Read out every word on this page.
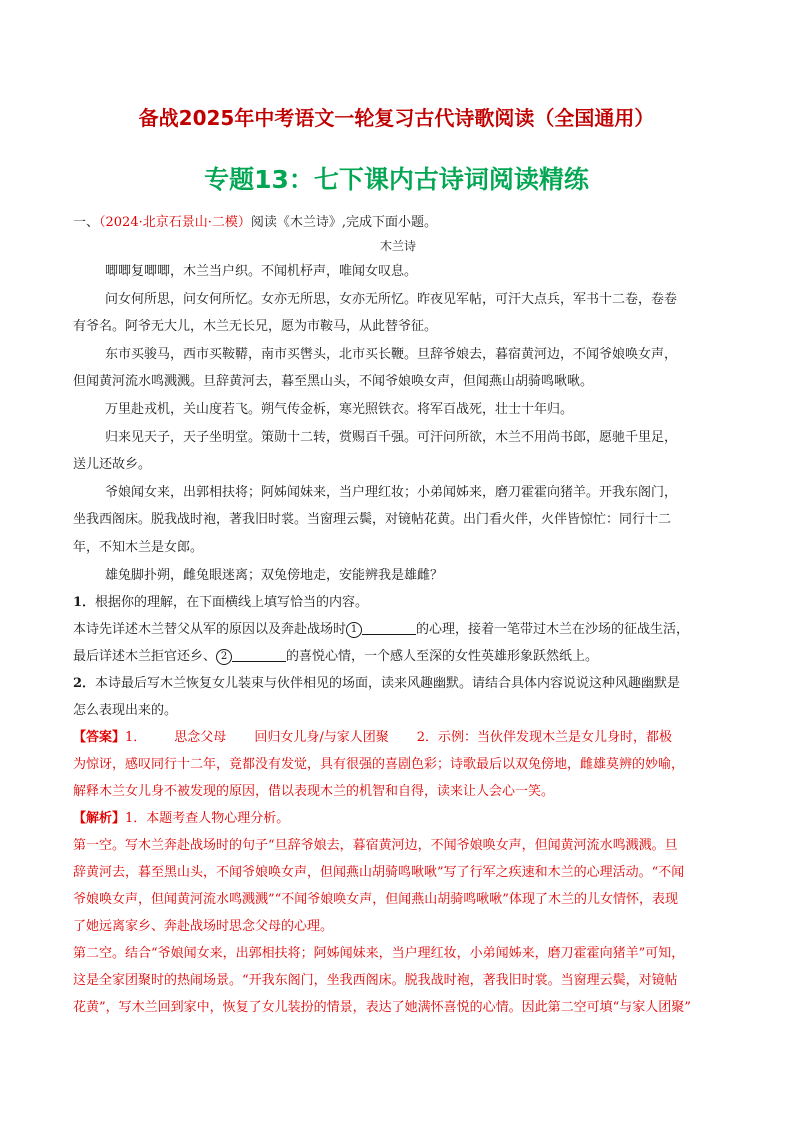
备战2025年中考语文一轮复习古代诗歌阅读（全国通用）
专题13：七下课内古诗词阅读精练

一、（2024·北京石景山·二模）阅读《木兰诗》,完成下面小题。

木兰诗

唧唧复唧唧，木兰当户织。不闻机杼声，唯闻女叹息。

问女何所思，问女何所忆。女亦无所思，女亦无所忆。昨夜见军帖，可汗大点兵，军书十二卷，卷卷

有爷名。阿爷无大儿，木兰无长兄，愿为市鞍马，从此替爷征。

东市买骏马，西市买鞍鞯，南市买辔头，北市买长鞭。旦辞爷娘去，暮宿黄河边，不闻爷娘唤女声，

但闻黄河流水鸣溅溅。旦辞黄河去，暮至黑山头，不闻爷娘唤女声，但闻燕山胡骑鸣啾啾。

万里赴戎机，关山度若飞。朔气传金柝，寒光照铁衣。将军百战死，壮士十年归。

归来见天子，天子坐明堂。策勋十二转，赏赐百千强。可汗问所欲，木兰不用尚书郎，愿驰千里足，

送儿还故乡。

爷娘闻女来，出郭相扶将；阿姊闻妹来，当户理红妆；小弟闻姊来，磨刀霍霍向猪羊。开我东阁门，

坐我西阁床。脱我战时袍，著我旧时裳。当窗理云鬓，对镜帖花黄。出门看火伴，火伴皆惊忙：同行十二

年，不知木兰是女郎。

雄兔脚扑朔，雌兔眼迷离；双兔傍地走，安能辨我是雄雌？

1．根据你的理解，在下面横线上填写恰当的内容。

本诗先详述木兰替父从军的原因以及奔赴战场时 1	的心理，接着一笔带过木兰在沙场的征战生活，

最后详述木兰拒官还乡、 2	的喜悦心情，一个感人至深的女性英雄形象跃然纸上。

2．本诗最后写木兰恢复女儿装束与伙伴相见的场面，读来风趣幽默。请结合具体内容说说这种风趣幽默是

怎么表现出来的。

【答案】1． 思念父母 回归女儿身/与家人团聚 2．示例：当伙伴发现木兰是女儿身时，都极

为惊讶，感叹同行十二年，竟都没有发觉，具有很强的喜剧色彩；诗歌最后以双兔傍地，雌雄莫辨的妙喻，

解释木兰女儿身不被发现的原因，借以表现木兰的机智和自得，读来让人会心一笑。

【解析】1．本题考查人物心理分析。

第一空。写木兰奔赴战场时的句子“旦辞爷娘去，暮宿黄河边，不闻爷娘唤女声，但闻黄河流水鸣溅溅。旦

辞黄河去，暮至黑山头，不闻爷娘唤女声，但闻燕山胡骑鸣啾啾”写了行军之疾速和木兰的心理活动。“不闻

爷娘唤女声，但闻黄河流水鸣溅溅”“不闻爷娘唤女声，但闻燕山胡骑鸣啾啾”体现了木兰的儿女情怀，表现

了她远离家乡、奔赴战场时思念父母的心理。

第二空。结合“爷娘闻女来，出郭相扶将；阿姊闻妹来，当户理红妆，小弟闻姊来，磨刀霍霍向猪羊”可知，

这是全家团聚时的热闹场景。“开我东阁门，坐我西阁床。脱我战时袍，著我旧时裳。当窗理云鬓，对镜帖

花黄”，写木兰回到家中，恢复了女儿装扮的情景，表达了她满怀喜悦的心情。因此第二空可填“与家人团聚”
